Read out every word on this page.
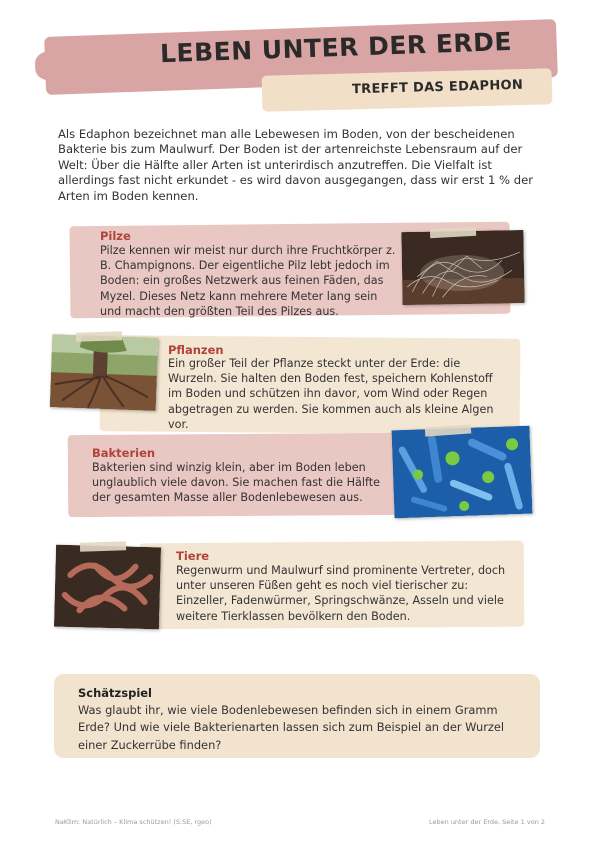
LEBEN UNTER DER ERDE
TREFFT DAS EDAPHON
Als Edaphon bezeichnet man alle Lebewesen im Boden, von der bescheidenen Bakterie bis zum Maulwurf. Der Boden ist der artenreichste Lebensraum auf der Welt: Über die Hälfte aller Arten ist unterirdisch anzutreffen. Die Vielfalt ist allerdings fast nicht erkundet - es wird davon ausgegangen, dass wir erst 1 % der Arten im Boden kennen.
Pilze
Pilze kennen wir meist nur durch ihre Fruchtkörper z. B. Champignons. Der eigentliche Pilz lebt jedoch im Boden: ein großes Netzwerk aus feinen Fäden, das Myzel. Dieses Netz kann mehrere Meter lang sein und macht den größten Teil des Pilzes aus.
Pflanzen
Ein großer Teil der Pflanze steckt unter der Erde: die Wurzeln. Sie halten den Boden fest, speichern Kohlenstoff im Boden und schützen ihn davor, vom Wind oder Regen abgetragen zu werden. Sie kommen auch als kleine Algen vor.
Bakterien
Bakterien sind winzig klein, aber im Boden leben unglaublich viele davon. Sie machen fast die Hälfte der gesamten Masse aller Bodenlebewesen aus.
Tiere
Regenwurm und Maulwurf sind prominente Vertreter, doch unter unseren Füßen geht es noch viel tierischer zu: Einzeller, Fadenwürmer, Springschwänze, Asseln und viele weitere Tierklassen bevölkern den Boden.
Schätzspiel
Was glaubt ihr, wie viele Bodenlebewesen befinden sich in einem Gramm Erde? Und wie viele Bakterienarten lassen sich zum Beispiel an der Wurzel einer Zuckerrübe finden?
NaKlim: Natürlich – Klima schützen! (S.SE, rgeo)	Leben unter der Erde, Seite 1 von 2
